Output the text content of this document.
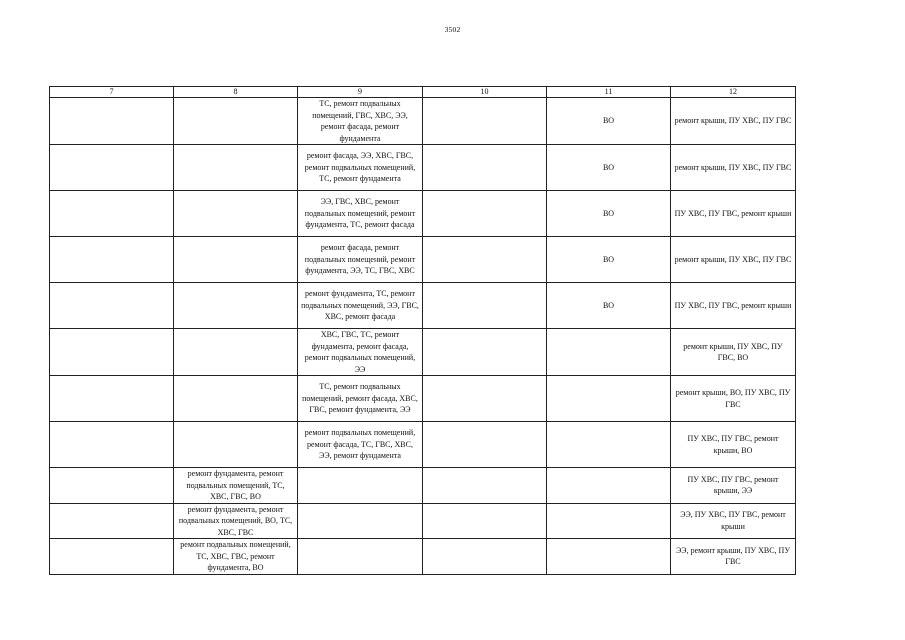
3502
7	8	9	10	11	12
		ТС, ремонт подвальных помещений, ГВС, ХВС, ЭЭ, ремонт фасада, ремонт фундамента		ВО	ремонт крыши, ПУ ХВС, ПУ ГВС
		ремонт фасада, ЭЭ, ХВС, ГВС, ремонт подвальных помещений, ТС, ремонт фундамента		ВО	ремонт крыши, ПУ ХВС, ПУ ГВС
		ЭЭ, ГВС, ХВС, ремонт подвальных помещений, ремонт фундамента, ТС, ремонт фасада		ВО	ПУ ХВС, ПУ ГВС, ремонт крыши
		ремонт фасада, ремонт подвальных помещений, ремонт фундамента, ЭЭ, ТС, ГВС, ХВС		ВО	ремонт крыши, ПУ ХВС, ПУ ГВС
		ремонт фундамента, ТС, ремонт подвальных помещений, ЭЭ, ГВС, ХВС, ремонт фасада		ВО	ПУ ХВС, ПУ ГВС, ремонт крыши
		ХВС, ГВС, ТС, ремонт фундамента, ремонт фасада, ремонт подвальных помещений, ЭЭ			ремонт крыши, ПУ ХВС, ПУ ГВС, ВО
		ТС, ремонт подвальных помещений, ремонт фасада, ХВС, ГВС, ремонт фундамента, ЭЭ			ремонт крыши, ВО, ПУ ХВС, ПУ ГВС
		ремонт подвальных помещений, ремонт фасада, ТС, ГВС, ХВС, ЭЭ, ремонт фундамента			ПУ ХВС, ПУ ГВС, ремонт крыши, ВО
	ремонт фундамента, ремонт подвальных помещений, ТС, ХВС, ГВС, ВО				ПУ ХВС, ПУ ГВС, ремонт крыши, ЭЭ
	ремонт фундамента, ремонт подвальных помещений, ВО, ТС, ХВС, ГВС				ЭЭ, ПУ ХВС, ПУ ГВС, ремонт крыши
	ремонт подвальных помещений, ТС, ХВС, ГВС, ремонт фундамента, ВО				ЭЭ, ремонт крыши, ПУ ХВС, ПУ ГВС
